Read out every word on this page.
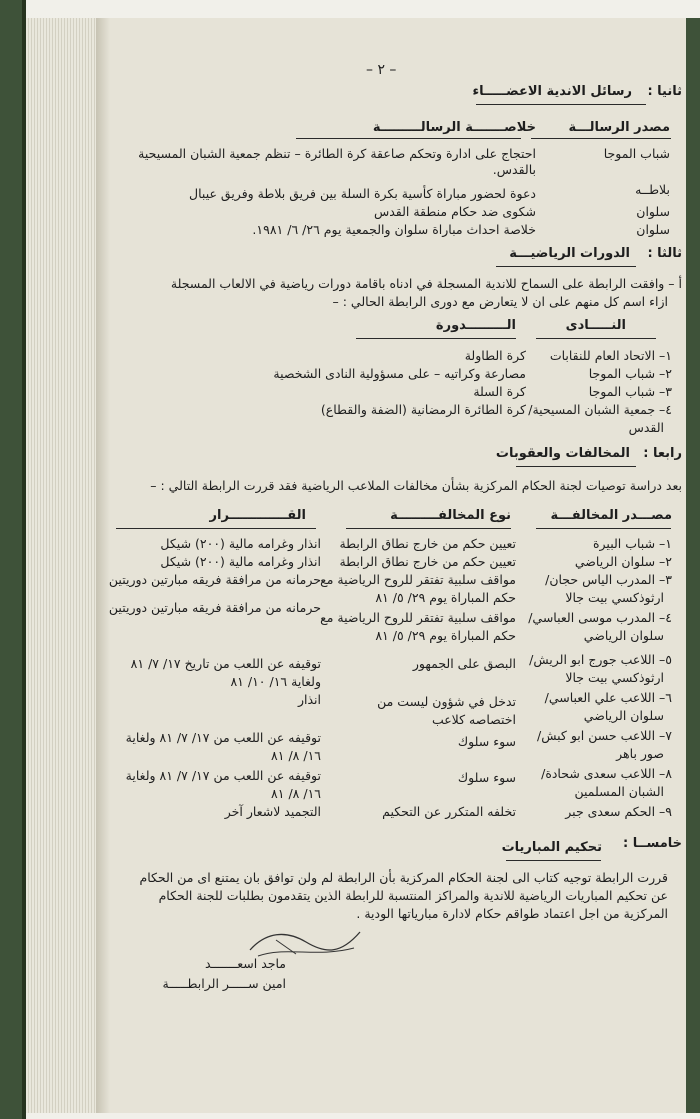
– ٢ –
ثانيا :
رسائل الاندية الاعضـــــاء
مصدر الرسالـــة
خلاصـــــــة الرسالـــــــــة
شباب الموجا
احتجاج على ادارة وتحكم صاعقة كرة الطائرة – تنظم جمعية الشبان المسيحية
بالقدس.
بلاطــه
دعوة لحضور مباراة كأسية بكرة السلة بين فريق بلاطة وفريق عيبال
سلوان
شكوى ضد حكام منطقة القدس
سلوان
خلاصة احداث مباراة سلوان والجمعية يوم ٢٦/ ٦/ ١٩٨١.
ثالثا :
الدورات الرياضيـــة
أ – وافقت الرابطة على السماح للاندية المسجلة في ادناه باقامة دورات رياضية في الالعاب المسجلة
ازاء اسم كل منهم على ان لا يتعارض مع دورى الرابطة الحالي : –
النـــــادى
الـــــــــدورة
١– الاتحاد العام للنقابات
كرة الطاولة
٢– شباب الموجا
مصارعة وكراتيه – على مسؤولية النادى الشخصية
٣– شباب الموجا
كرة السلة
٤– جمعية الشبان المسيحية/
كرة الطائرة الرمضانية (الضفة والقطاع)
القدس
رابعا :
المخالفات والعقوبات
بعد دراسة توصيات لجنة الحكام المركزية بشأن مخالفات الملاعب الرياضية فقد قررت الرابطة التالي : –
مصـــدر المخالفـــة
نوع المخالفـــــــــة
القـــــــــــــرار
١– شباب البيرة
تعيين حكم من خارج نطاق الرابطة
انذار وغرامه مالية (٢٠٠) شيكل
٢– سلوان الرياضي
تعيين حكم من خارج نطاق الرابطة
انذار وغرامه مالية (٢٠٠) شيكل
٣– المدرب الياس حجان/
ارثوذكسي بيت جالا
مواقف سلبية تفتقر للروح الرياضية مع
حكم المباراة يوم ٢٩/ ٥/ ٨١
حرمانه من مرافقة فريقه مبارتين دوريتين
٤– المدرب موسى العباسي/
سلوان الرياضي
مواقف سلبية تفتقر للروح الرياضية مع
حكم المباراة يوم ٢٩/ ٥/ ٨١
حرمانه من مرافقة فريقه مبارتين دوريتين
٥– اللاعب جورج ابو الريش/
ارثوذكسي بيت جالا
البصق على الجمهور
توقيفه عن اللعب من تاريخ ١٧/ ٧/ ٨١
ولغاية ١٦/ ١٠/ ٨١
٦– اللاعب علي العباسي/
سلوان الرياضي
تدخل في شؤون ليست من
اختصاصه كلاعب
انذار
٧– اللاعب حسن ابو كبش/
صور باهر
سوء سلوك
توقيفه عن اللعب من ١٧/ ٧/ ٨١ ولغاية
١٦/ ٨/ ٨١
٨– اللاعب سعدى شحادة/
الشبان المسلمين
سوء سلوك
توقيفه عن اللعب من ١٧/ ٧/ ٨١ ولغاية
١٦/ ٨/ ٨١
٩– الحكم سعدى جبر
تخلفه المتكرر عن التحكيم
التجميد لاشعار آخر
خامســا :
تحكيم المباريات
قررت الرابطة توجيه كتاب الى لجنة الحكام المركزية بأن الرابطة لم ولن توافق بان يمتنع اى من الحكام
عن تحكيم المباريات الرياضية للاندية والمراكز المنتسبة للرابطة الذين يتقدمون بطلبات للجنة الحكام
المركزية من اجل اعتماد طواقم حكام لادارة مبارياتها الودية .
ماجد اسعـــــــد
امين ســـــر الرابطـــــة
